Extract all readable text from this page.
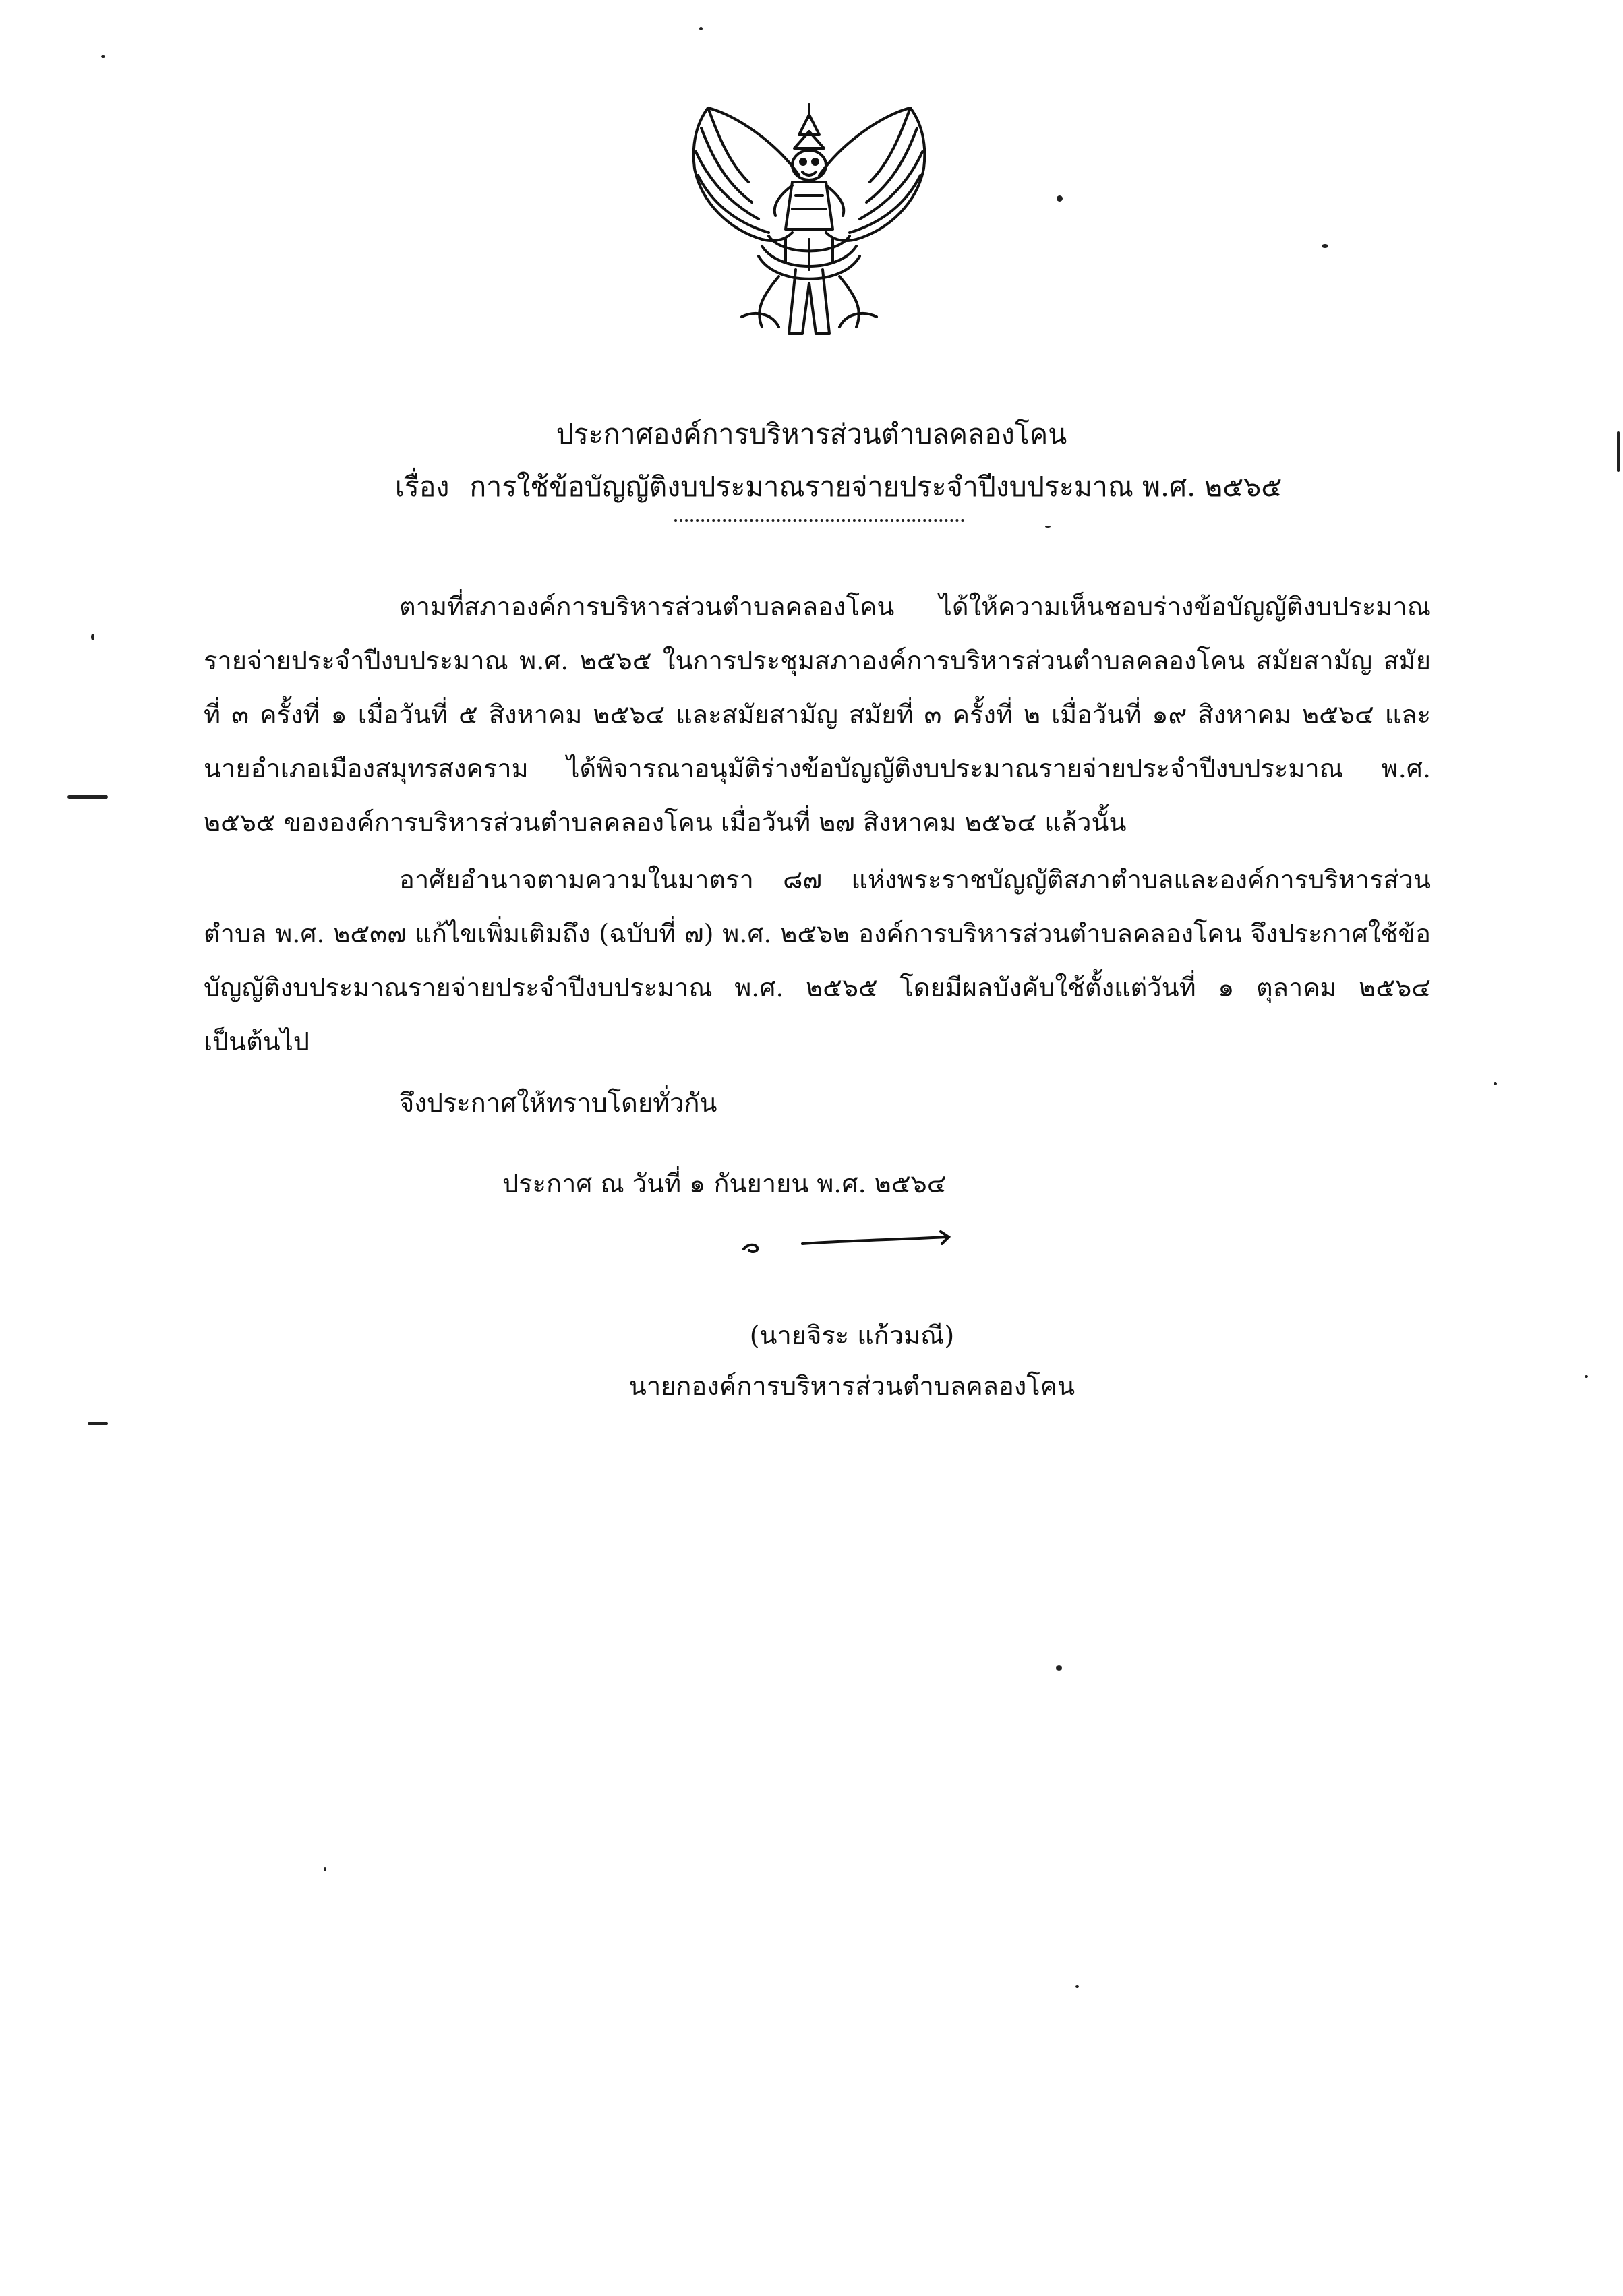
ประกาศองค์การบริหารส่วนตำบลคลองโคน
เรื่อง การใช้ข้อบัญญัติงบประมาณรายจ่ายประจำปีงบประมาณ พ.ศ. ๒๕๖๕
ตามที่สภาองค์การบริหารส่วนตำบลคลองโคน ได้ให้ความเห็นชอบร่างข้อบัญญัติงบประมาณรายจ่ายประจำปีงบประมาณ พ.ศ. ๒๕๖๕ ในการประชุมสภาองค์การบริหารส่วนตำบลคลองโคน สมัยสามัญ สมัยที่ ๓ ครั้งที่ ๑ เมื่อวันที่ ๕ สิงหาคม ๒๕๖๔ และสมัยสามัญ สมัยที่ ๓ ครั้งที่ ๒ เมื่อวันที่ ๑๙ สิงหาคม ๒๕๖๔ และนายอำเภอเมืองสมุทรสงคราม ได้พิจารณาอนุมัติร่างข้อบัญญัติงบประมาณรายจ่ายประจำปีงบประมาณ พ.ศ. ๒๕๖๕ ขององค์การบริหารส่วนตำบลคลองโคน เมื่อวันที่ ๒๗ สิงหาคม ๒๕๖๔ แล้วนั้น
อาศัยอำนาจตามความในมาตรา ๘๗ แห่งพระราชบัญญัติสภาตำบลและองค์การบริหารส่วนตำบล พ.ศ. ๒๕๓๗ แก้ไขเพิ่มเติมถึง (ฉบับที่ ๗) พ.ศ. ๒๕๖๒ องค์การบริหารส่วนตำบลคลองโคน จึงประกาศใช้ข้อบัญญัติงบประมาณรายจ่ายประจำปีงบประมาณ พ.ศ. ๒๕๖๕ โดยมีผลบังคับใช้ตั้งแต่วันที่ ๑ ตุลาคม ๒๕๖๔ เป็นต้นไป
จึงประกาศให้ทราบโดยทั่วกัน
ประกาศ ณ วันที่ ๑ กันยายน พ.ศ. ๒๕๖๔
(นายจิระ แก้วมณี)
นายกองค์การบริหารส่วนตำบลคลองโคน
